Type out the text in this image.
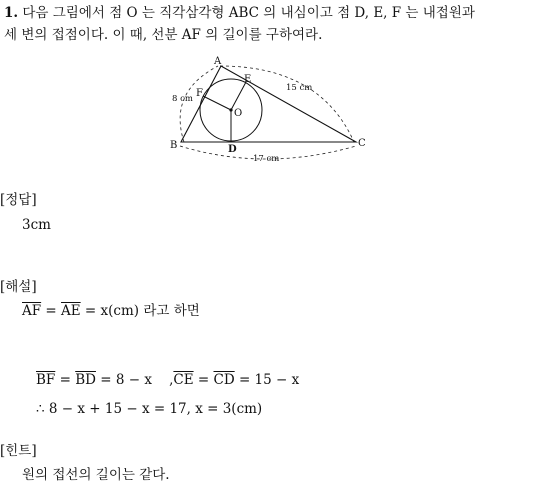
1. 다음 그림에서 점 O 는 직각삼각형 ABC 의 내심이고 점 D, E, F 는 내접원과
세 변의 접점이다. 이 때, 선분 AF 의 길이를 구하여라.
A
B	C
D
E
F
O
8 cm
15 cm
17 cm
[정답]
3cm
[해설]
$\overline{AF} = \overline{AE} = x(cm)$ 라고 하면
$\overline{BF} = \overline{BD} = 8 - x$    $,\overline{CE} = \overline{CD} = 15 - x$
∴ 8 − x + 15 − x = 17, x = 3(cm)
[힌트]
원의 접선의 길이는 같다.
